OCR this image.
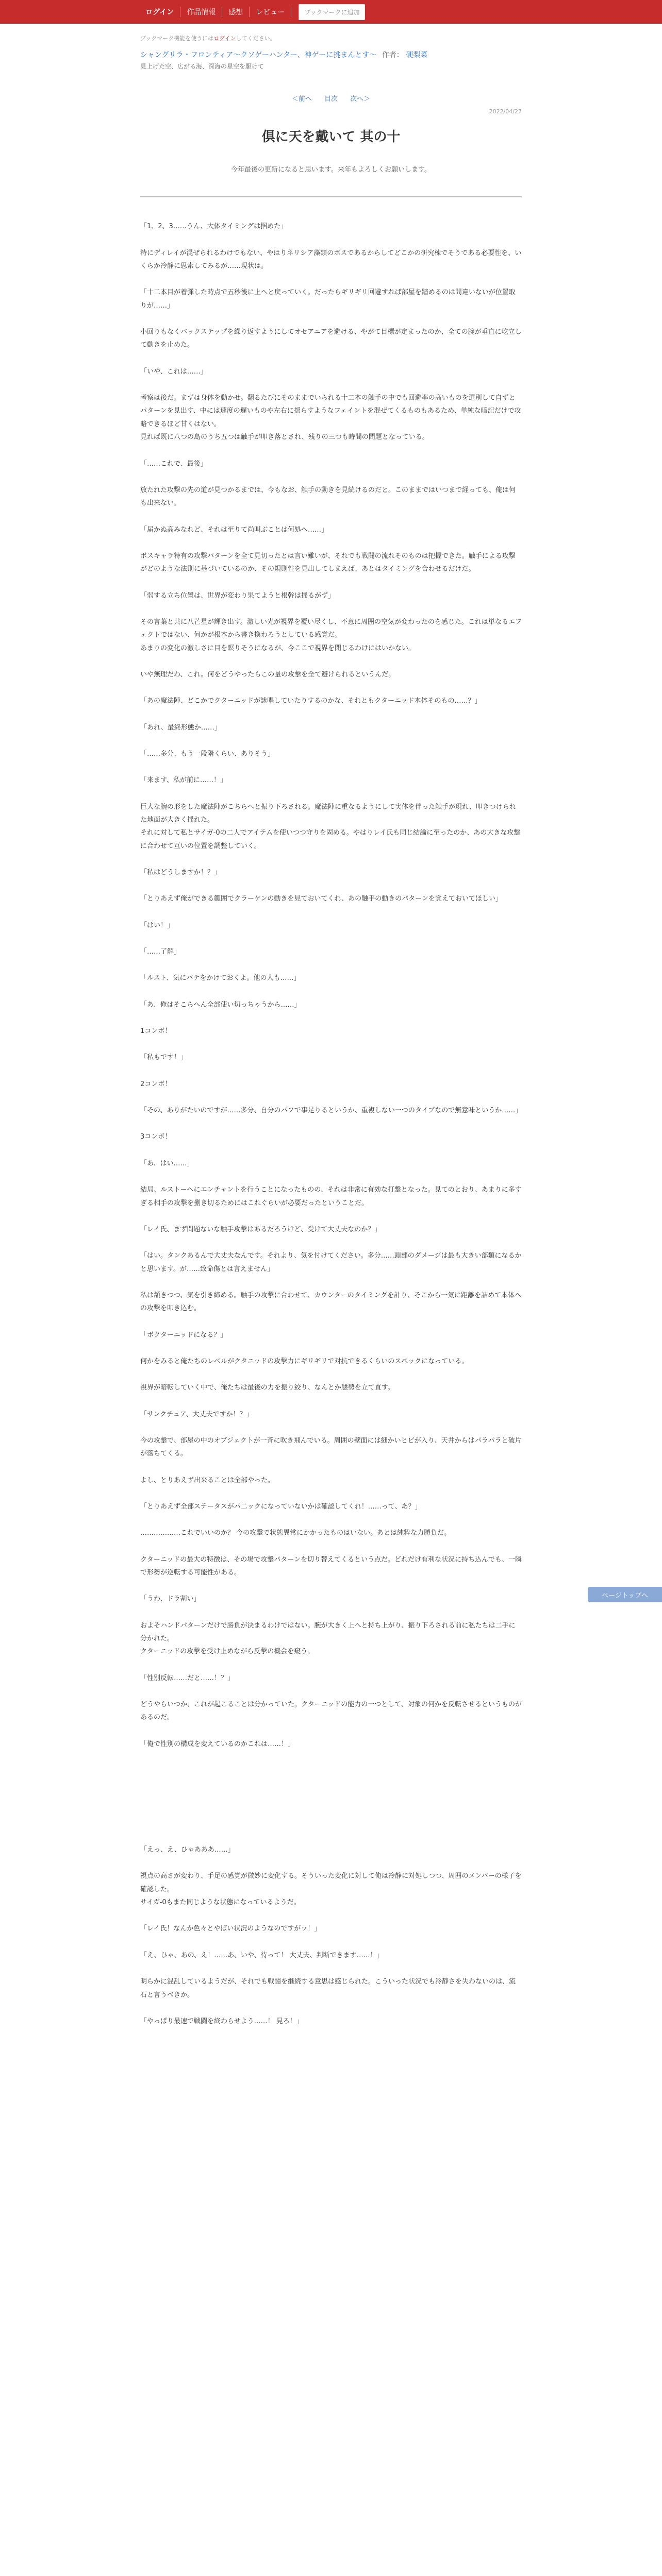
ログイン	作品情報	感想	レビュー	ブックマークに追加
ブックマーク機能を使うにはログインしてください。
シャングリラ・フロンティア〜クソゲーハンター、神ゲーに挑まんとす〜 作者： 硬梨菜
見上げた空、広がる海、深海の星空を駆けて
＜前へ 目次 次へ＞
2022/04/27
倶に天を戴いて 其の十
今年最後の更新になると思います。来年もよろしくお願いします。

「1、2、3……うん、大体タイミングは掴めた」

特にディレイが混ぜられるわけでもない、やはりネリシア藻類のボスであるからしてどこかの研究棟でそうである必要性を、いくらか冷静に思索してみるが……現状は。

「十二本目が着弾した時点で五秒後に上へと戻っていく。だったらギリギリ回避すれば部屋を踏めるのは間違いないが位置取りが……」

小回りもなくバックステップを繰り返すようにしてオセアニアを避ける、やがて目標が定まったのか、全ての腕が垂直に屹立して動きを止めた。

「いや、これは……」

考察は後だ。まずは身体を動かせ。翻るたびにそのままでいられる十二本の触手の中でも回避率の高いものを選別して自ずとパターンを見出す、中には速度の遅いものや左右に揺らすようなフェイントを混ぜてくるものもあるため、単純な暗記だけで攻略できるほど甘くはない。
見れば既に八つの島のうち五つは触手が叩き落とされ、残りの三つも時間の問題となっている。

「……これで、最後」

放たれた攻撃の先の道が見つかるまでは、今もなお、触手の動きを見続けるのだと。このままではいつまで経っても、俺は何も出来ない。

「届かぬ高みなれど、それは至りて尚叫ぶことは何処へ……」

ボスキャラ特有の攻撃パターンを全て見切ったとは言い難いが、それでも戦闘の流れそのものは把握できた。触手による攻撃がどのような法則に基づいているのか、その規則性を見出してしまえば、あとはタイミングを合わせるだけだ。

「弱する立ち位置は、世界が変わり果てようと根幹は揺るがず」

その言葉と共に八芒星が輝き出す。激しい光が視界を覆い尽くし、不意に周囲の空気が変わったのを感じた。これは単なるエフェクトではない、何かが根本から書き換わろうとしている感覚だ。
あまりの変化の激しさに目を瞑りそうになるが、今ここで視界を閉じるわけにはいかない。

いや無理だわ、これ。何をどうやったらこの量の攻撃を全て避けられるというんだ。

「あの魔法陣、どこかでクターニッドが詠唱していたりするのかな、それともクターニッド本体そのもの……？」

「あれ、最終形態か……」

「……多分、もう一段階くらい、ありそう」

「来ます、私が前に……！」

巨大な腕の形をした魔法陣がこちらへと振り下ろされる。魔法陣に重なるようにして実体を伴った触手が現れ、叩きつけられた地面が大きく揺れた。
それに対して私とサイガ-0の二人でアイテムを使いつつ守りを固める。やはりレイ氏も同じ結論に至ったのか、あの大きな攻撃に合わせて互いの位置を調整していく。

「私はどうしますか！？」

「とりあえず俺ができる範囲でクラーケンの動きを見ておいてくれ、あの触手の動きのパターンを覚えておいてほしい」

「はい！」

「……了解」

「ルスト、気にバテをかけておくよ。他の人も……」

「あ、俺はそこらへん全部使い切っちゃうから……」

1コンボ！

「私もです！」

2コンボ！

「その、ありがたいのですが……多分、自分のバフで事足りるというか、重複しない一つのタイプなので無意味というか……」

3コンボ！

「あ、はい……」

結局、ルストーへにエンチャントを行うことになったものの、それは非常に有効な打撃となった。見てのとおり、あまりに多すぎる相手の攻撃を捌き切るためにはこれぐらいが必要だったということだ。

「レイ氏、まず問題ないな触手攻撃はあるだろうけど、受けて大丈夫なのか？」

「はい。タンクあるんで大丈夫なんです。それより、気を付けてください。多分……頭部のダメージは最も大きい部類になるかと思います。が……致命傷とは言えません」

私は頷きつつ、気を引き締める。触手の攻撃に合わせて、カウンターのタイミングを計り、そこから一気に距離を詰めて本体への攻撃を叩き込む。

「ボクターニッドになる？」

何かをみると俺たちのレベルがクタニッドの攻撃力にギリギリで対抗できるくらいのスペックになっている。

視界が暗転していく中で、俺たちは最後の力を振り絞り、なんとか態勢を立て直す。

「サンクチュア、大丈夫ですか！？」

今の攻撃で、部屋の中のオブジェクトが一斉に吹き飛んでいる。周囲の壁面には細かいヒビが入り、天井からはパラパラと破片が落ちてくる。

よし、とりあえず出来ることは全部やった。

「とりあえず全部ステータスがパ二ックになっていないかは確認してくれ！……って、あ？」

………………これでいいのか？ 今の攻撃で状態異常にかかったものはいない。あとは純粋な力勝負だ。

クターニッドの最大の特徴は、その場で攻撃パターンを切り替えてくるという点だ。どれだけ有利な状況に持ち込んでも、一瞬で形勢が逆転する可能性がある。

「うわ、ドラ割い」

およそハンドパターンだけで勝負が決まるわけではない。腕が大きく上へと持ち上がり、振り下ろされる前に私たちは二手に分かれた。
クターニッドの攻撃を受け止めながら反撃の機会を窺う。

「性別反転……だと……！？」

どうやらいつか、これが起こることは分かっていた。クターニッドの能力の一つとして、対象の何かを反転させるというものがあるのだ。

「俺で性別の構成を変えているのかこれは……！」

「えっ、え、ひゃあああ……」

視点の高さが変わり、手足の感覚が微妙に変化する。そういった変化に対して俺は冷静に対処しつつ、周囲のメンバーの様子を確認した。
サイガ-0もまた同じような状態になっているようだ。

「レイ氏！なんか色々とやばい状況のようなのですがッ！」

「え、ひゃ、あの、え！……あ、いや、待って！ 大丈夫、判断できます……！」

明らかに混乱しているようだが、それでも戦闘を継続する意思は感じられた。こういった状況でも冷静さを失わないのは、流石と言うべきか。

「やっぱり最速で戦闘を終わらせよう……！ 見ろ！」

ページトップへ
